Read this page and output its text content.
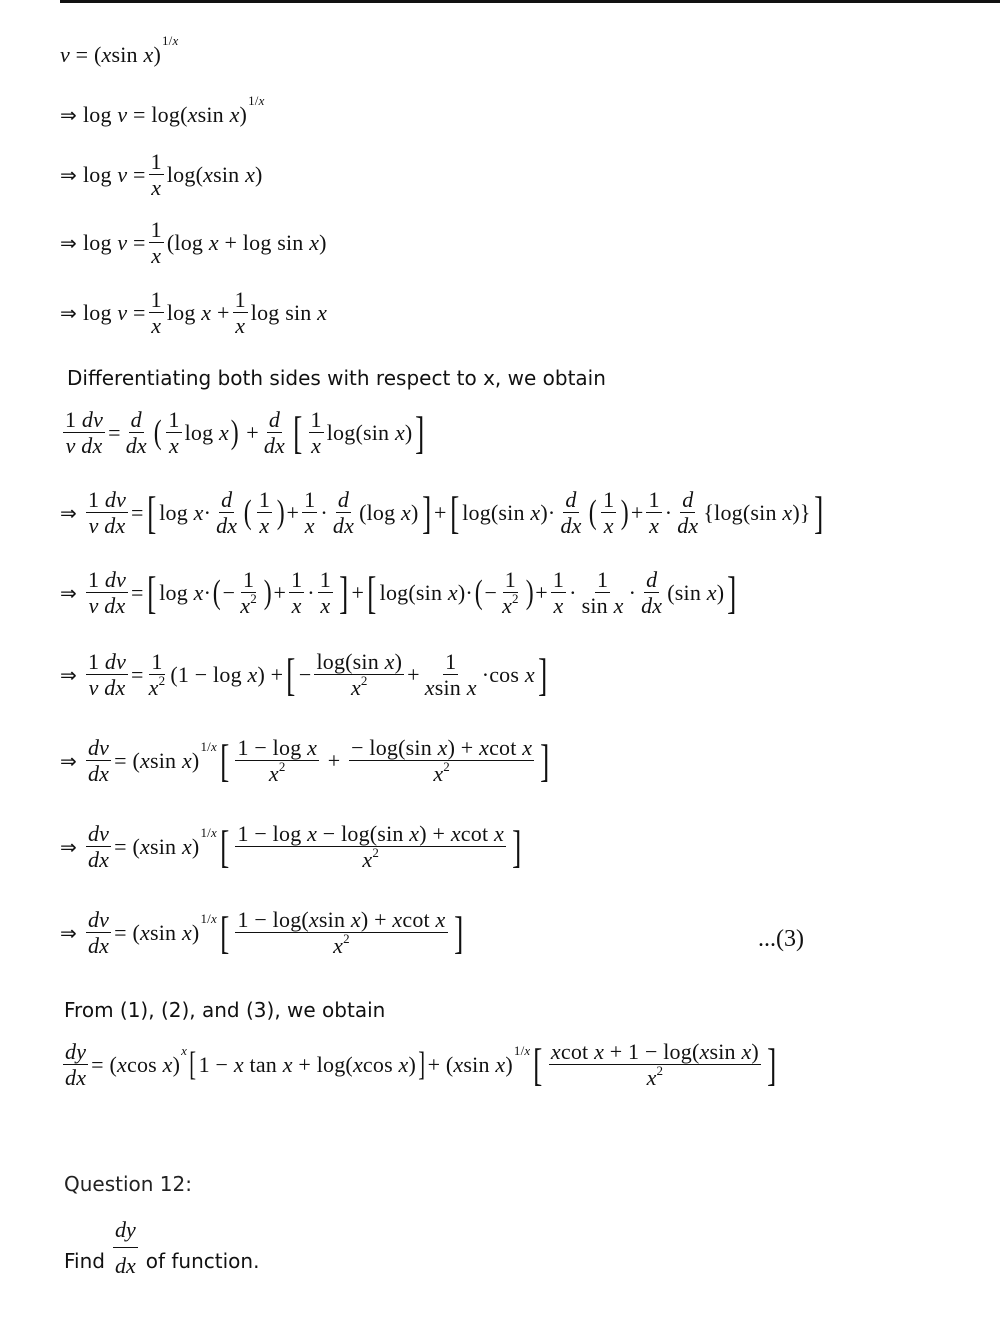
v = ( x sin x )
1/x
⇒ log v = log( x sin x )
1/x
⇒ log v =
1
x
log( x sin x )
⇒ log v =
1
x
(log x + log sin x )
⇒ log v =
1
x
log x +
1
x
log sin x
Differentiating both sides with respect to x, we obtain
1 dv
v dx
=
d
dx ( 1
x
log x ) +
d
dx [ 1
x
log(sin x ) ]
⇒
1 dv
v dx
= [ log x ·
d
dx ( 1
x ) +
1
x
·
d
dx
(log x ) ] + [ log(sin x )·
d
dx ( 1
x ) +
1
x
·
d
dx
{log(sin x )} ]
⇒
1 dv
v dx
= [ log x · ( −
1
$x^2$ ) +
1
x
·
1
x ] + [ log(sin x )· ( −
1
$x^2$ ) +
1
x
·
1
sin x
·
d
dx
(sin x ) ]
⇒
1 dv
v dx
=
1
$x^2$ (1 − log x ) + [ −
log(sin x)
$x^2$ +
1
xsin x
·cos x ]
⇒
dv
dx
= ( x sin x )
1/x [ 1 − log x
$x^2$ +
− log(sin x) + xcot x
$x^2$ ]
⇒
dv
dx
= ( x sin x )
1/x [ 1 − log x − log(sin x) + xcot x
$x^2$	]
⇒
dv
dx
= ( x sin x )
1/x [ 1 − log(xsin x) + xcot x
$x^2$ ]	...(3)
From (1), (2), and (3), we obtain
dy
dx
= ( x cos x )
x [ 1 − x tan x + log( x cos x ) ] + ( x sin x )
1/x [ xcot x + 1 − log(xsin x)
$x^2$ ]
Question 12:
Find
dy
dx of function.
